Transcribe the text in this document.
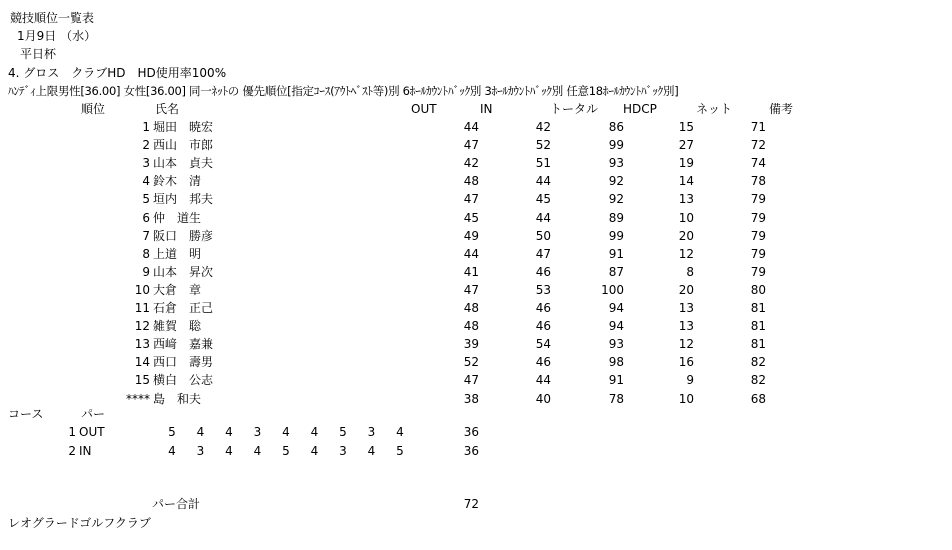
競技順位一覧表
1月9日 （水）
平日杯
4. グロス　クラブHD　HD使用率100%
ﾊﾝﾃﾞｨ上限男性[36.00] 女性[36.00] 同一ﾈｯﾄの 優先順位[指定ｺｰｽ(ｱｳﾄﾍﾞｽﾄ等)別 6ﾎｰﾙｶｳﾝﾄﾊﾞｯｸ別 3ﾎｰﾙｶｳﾝﾄﾊﾞｯｸ別 任意18ﾎｰﾙｶｳﾝﾄﾊﾞｯｸ別]
順位	氏名	OUT	IN	トータル HDCP	ネット	備考
1 堀田　暁宏	44	42	86	15	71
2 西山　市郎	47	52	99	27	72
3 山本　貞夫	42	51	93	19	74
4 鈴木　清	48	44	92	14	78
5 垣内　邦夫	47	45	92	13	79
6 仲　道生	45	44	89	10	79
7 阪口　勝彦	49	50	99	20	79
8 上道　明	44	47	91	12	79
9 山本　昇次	41	46	87	8	79
10 大倉　章	47	53	100	20	80
11 石倉　正己	48	46	94	13	81
12 雑賀　聡	48	46	94	13	81
13 西﨑　嘉兼	39	54	93	12	81
14 西口　壽男	52	46	98	16	82
15 横白　公志	47	44	91	9	82
**** 島　和夫	38	40	78	10	68
コース	パー
1 OUT	5 4 4 3 4 4 5 3 4	36
2 IN	4 3 4 4 5 4 3 4 5	36
パー合計	72
レオグラードゴルフクラブ
